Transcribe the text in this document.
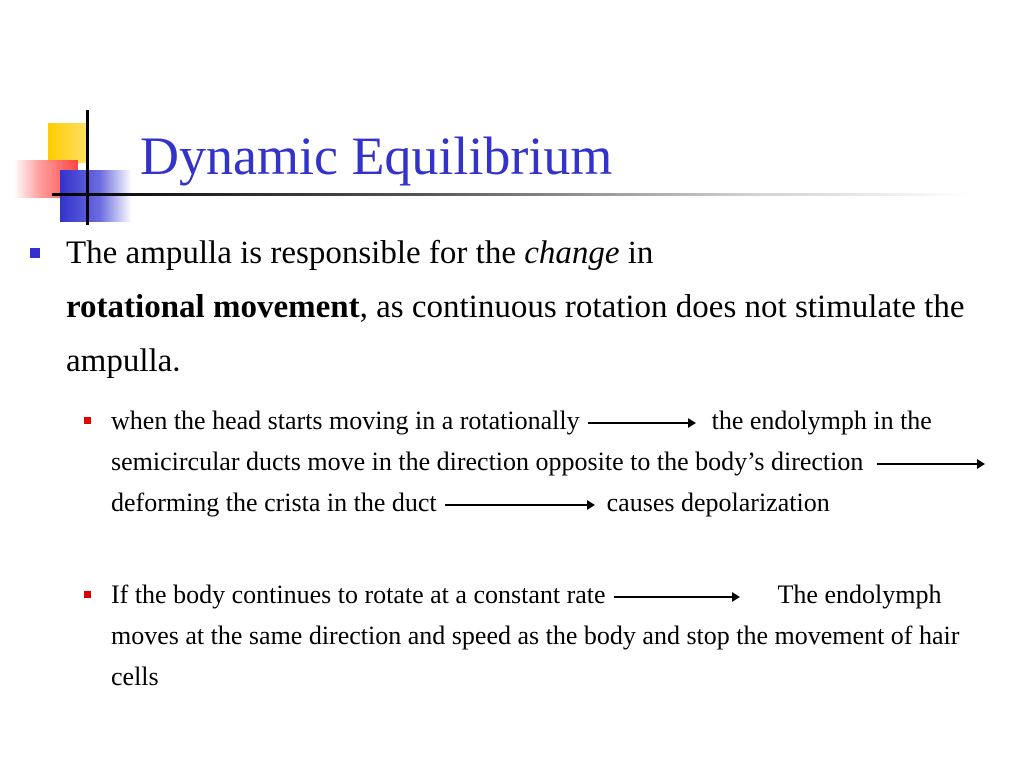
Dynamic Equilibrium

The ampulla is responsible for the change in
rotational movement, as continuous rotation does not stimulate the ampulla.

when the head starts moving in a rotationally	the endolymph in the semicircular ducts move in the direction opposite to the body’s directiondeforming the crista in the duct	causes depolarization

If the body continues to rotate at a constant rate	The endolymph moves at the same direction and speed as the body and stop the movement of hair cells
